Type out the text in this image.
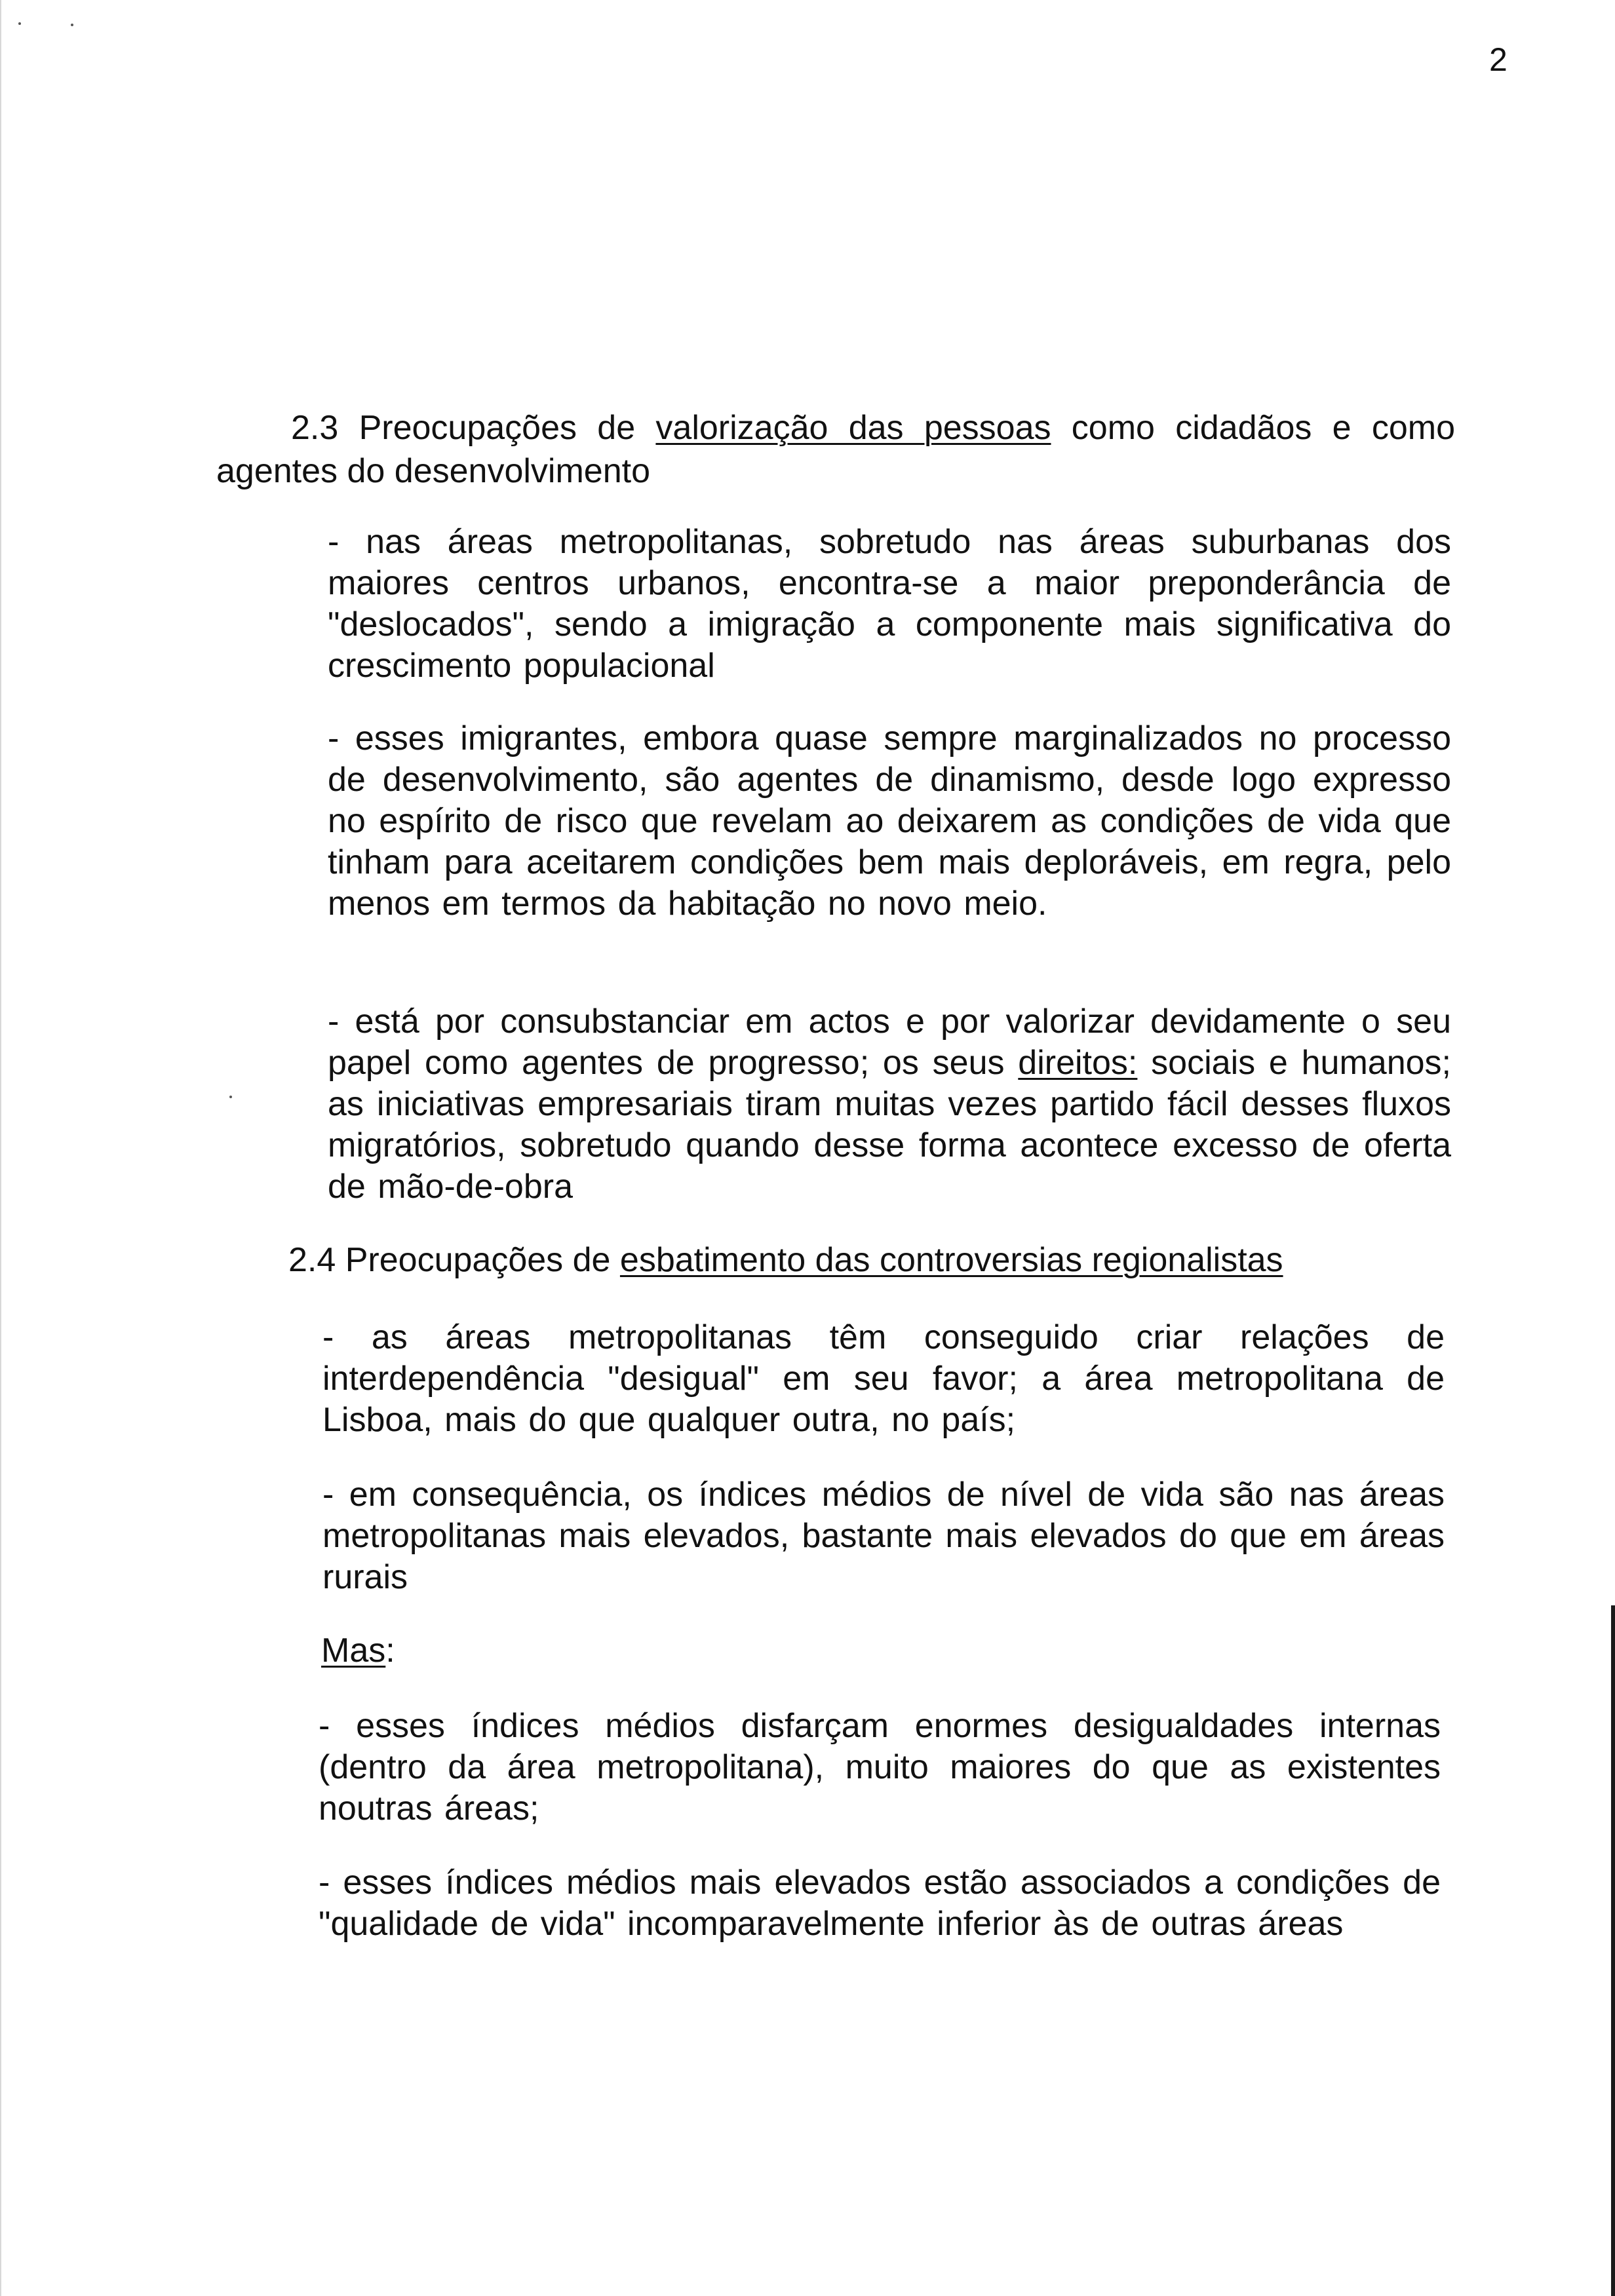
2
2.3 Preocupações de valorização das pessoas como cidadãos e como agentes do desenvolvimento
- nas áreas metropolitanas, sobretudo nas áreas suburbanas dos maiores centros urbanos, encontra-se a maior preponderância de "deslocados", sendo a imigração a componente mais significativa do crescimento populacional
- esses imigrantes, embora quase sempre marginalizados no processo de desenvolvimento, são agentes de dinamismo, desde logo expresso no espírito de risco que revelam ao deixarem as condições de vida que tinham para aceitarem condições bem mais deploráveis, em regra, pelo menos em termos da habitação no novo meio.
- está por consubstanciar em actos e por valorizar devidamente o seu papel como agentes de progresso; os seus direitos: sociais e humanos; as iniciativas empresariais tiram muitas vezes partido fácil desses fluxos migratórios, sobretudo quando desse forma acontece excesso de oferta de mão-de-obra
2.4 Preocupações de esbatimento das controversias regionalistas
- as áreas metropolitanas têm conseguido criar relações de interdependência "desigual" em seu favor; a área metropolitana de Lisboa, mais do que qualquer outra, no país;
- em consequência, os índices médios de nível de vida são nas áreas metropolitanas mais elevados, bastante mais elevados do que em áreas rurais
Mas:
- esses índices médios disfarçam enormes desigualdades internas (dentro da área metropolitana), muito maiores do que as existentes noutras áreas;
- esses índices médios mais elevados estão associados a condições de "qualidade de vida" incomparavelmente inferior às de outras áreas
